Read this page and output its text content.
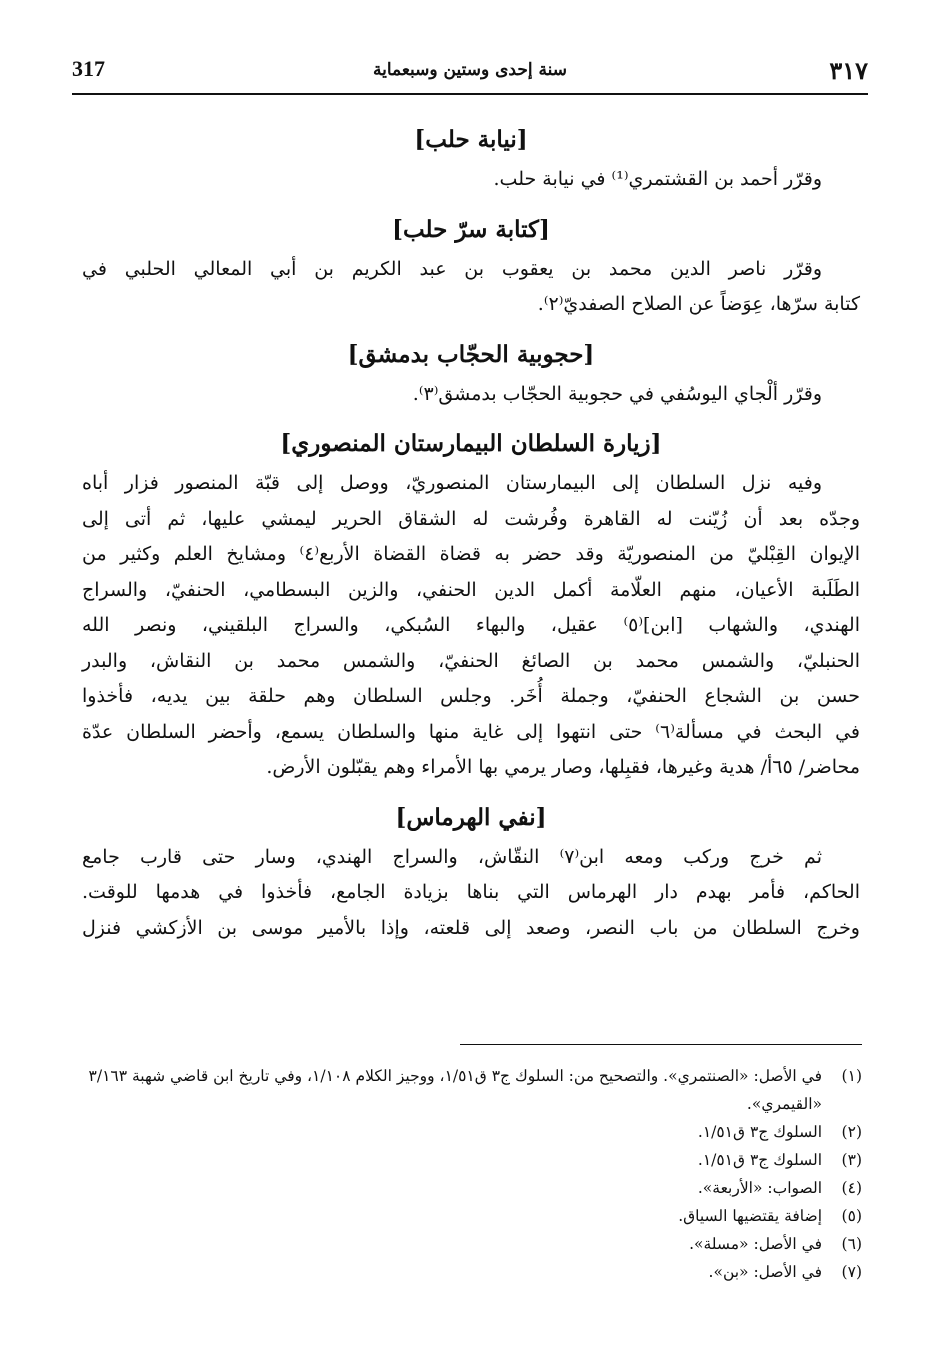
٣١٧
سنة إحدى وستين وسبعماية
317
[نيابة حلب]
وقرّر أحمد بن القشتمري⁽¹⁾ في نيابة حلب.
[كتابة سرّ حلب]
وقرّر ناصر الدين محمد بن يعقوب بن عبد الكريم بن أبي المعالي الحلبي في
كتابة سرّها، عِوَضاً عن الصلاح الصفديّ⁽٢⁾.
[حجوبية الحجّاب بدمشق]
وقرّر ألْجاي اليوسُفي في حجوبية الحجّاب بدمشق⁽٣⁾.
[زيارة السلطان البيمارستان المنصوري]
وفيه نزل السلطان إلى البيمارستان المنصوريّ، ووصل إلى قبّة المنصور فزار أباه
وجدّه بعد أن زُيّنت له القاهرة وفُرشت له الشقاق الحرير ليمشي عليها، ثم أتى إلى
الإيوان القِبْليّ من المنصوريّة وقد حضر به قضاة القضاة الأربع⁽٤⁾ ومشايخ العلم وكثير من
الطَلَبة الأعيان، منهم العلّامة أكمل الدين الحنفي، والزين البسطامي، الحنفيّ، والسراج
الهندي، والشهاب [ابن]⁽٥⁾ عقيل، والبهاء السُبكي، والسراج البلقيني، ونصر الله
الحنبليّ، والشمس محمد بن الصائغ الحنفيّ، والشمس محمد بن النقاش، والبدر
حسن بن الشجاع الحنفيّ، وجملة أُخَر. وجلس السلطان وهم حلقة بين يديه، فأخذوا
في البحث في مسألة⁽٦⁾ حتى انتهوا إلى غاية منها والسلطان يسمع، وأحضر السلطان عدّة
محاضر/ ٦٥أ/ هدية وغيرها، فقبِلها، وصار يرمي بها الأمراء وهم يقبّلون الأرض.
[نفي الهرماس]
ثم خرج وركب ومعه ابن⁽٧⁾ النقّاش، والسراج الهندي، وسار حتى قارب جامع
الحاكم، فأمر بهدم دار الهرماس التي بناها بزيادة الجامع، فأخذوا في هدمها للوقت.
وخرج السلطان من باب النصر، وصعد إلى قلعته، وإذا بالأمير موسى بن الأزكشي فنزل
(١)
في الأصل: «الصنتمري». والتصحيح من: السلوك ج٣ ق١/٥١، ووجيز الكلام ١/١٠٨، وفي تاريخ ابن قاضي شهبة ٣/١٦٣ «القيمري».
(٢)
السلوك ج٣ ق١/٥١.
(٣)
السلوك ج٣ ق١/٥١.
(٤)
الصواب: «الأربعة».
(٥)
إضافة يقتضيها السياق.
(٦)
في الأصل: «مسلة».
(٧)
في الأصل: «بن».
